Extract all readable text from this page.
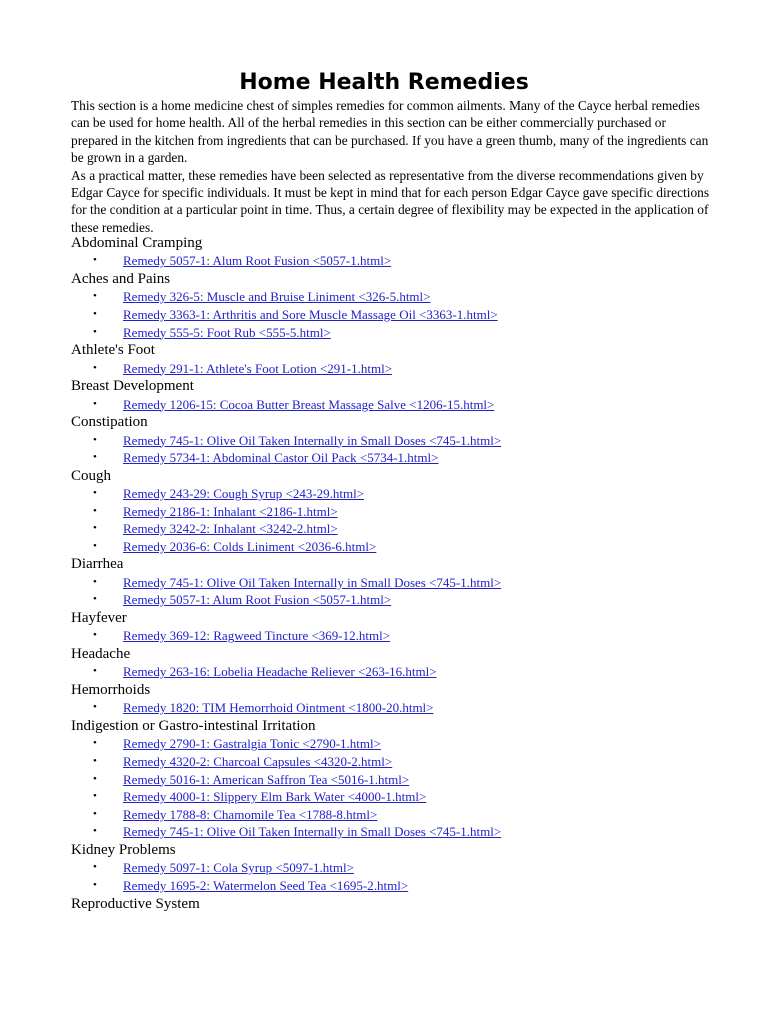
Home Health Remedies

This section is a home medicine chest of simples remedies for common ailments. Many of the Cayce herbal remedies can be used for home health. All of the herbal remedies in this section can be either commercially purchased or prepared in the kitchen from ingredients that can be purchased. If you have a green thumb, many of the ingredients can be grown in a garden.

As a practical matter, these remedies have been selected as representative from the diverse recommendations given by Edgar Cayce for specific individuals. It must be kept in mind that for each person Edgar Cayce gave specific directions for the condition at a particular point in time. Thus, a certain degree of flexibility may be expected in the application of these remedies.

Abdominal Cramping
• Remedy 5057-1: Alum Root Fusion <5057-1.html>
Aches and Pains
• Remedy 326-5: Muscle and Bruise Liniment <326-5.html>
• Remedy 3363-1: Arthritis and Sore Muscle Massage Oil <3363-1.html>
• Remedy 555-5: Foot Rub <555-5.html>
Athlete's Foot
• Remedy 291-1: Athlete's Foot Lotion <291-1.html>
Breast Development
• Remedy 1206-15: Cocoa Butter Breast Massage Salve <1206-15.html>
Constipation
• Remedy 745-1: Olive Oil Taken Internally in Small Doses <745-1.html>
• Remedy 5734-1: Abdominal Castor Oil Pack <5734-1.html>
Cough
• Remedy 243-29: Cough Syrup <243-29.html>
• Remedy 2186-1: Inhalant <2186-1.html>
• Remedy 3242-2: Inhalant <3242-2.html>
• Remedy 2036-6: Colds Liniment <2036-6.html>
Diarrhea
• Remedy 745-1: Olive Oil Taken Internally in Small Doses <745-1.html>
• Remedy 5057-1: Alum Root Fusion <5057-1.html>
Hayfever
• Remedy 369-12: Ragweed Tincture <369-12.html>
Headache
• Remedy 263-16: Lobelia Headache Reliever <263-16.html>
Hemorrhoids
• Remedy 1820: TIM Hemorrhoid Ointment <1800-20.html>
Indigestion or Gastro-intestinal Irritation
• Remedy 2790-1: Gastralgia Tonic <2790-1.html>
• Remedy 4320-2: Charcoal Capsules <4320-2.html>
• Remedy 5016-1: American Saffron Tea <5016-1.html>
• Remedy 4000-1: Slippery Elm Bark Water <4000-1.html>
• Remedy 1788-8: Chamomile Tea <1788-8.html>
• Remedy 745-1: Olive Oil Taken Internally in Small Doses <745-1.html>
Kidney Problems
• Remedy 5097-1: Cola Syrup <5097-1.html>
• Remedy 1695-2: Watermelon Seed Tea <1695-2.html>
Reproductive System
